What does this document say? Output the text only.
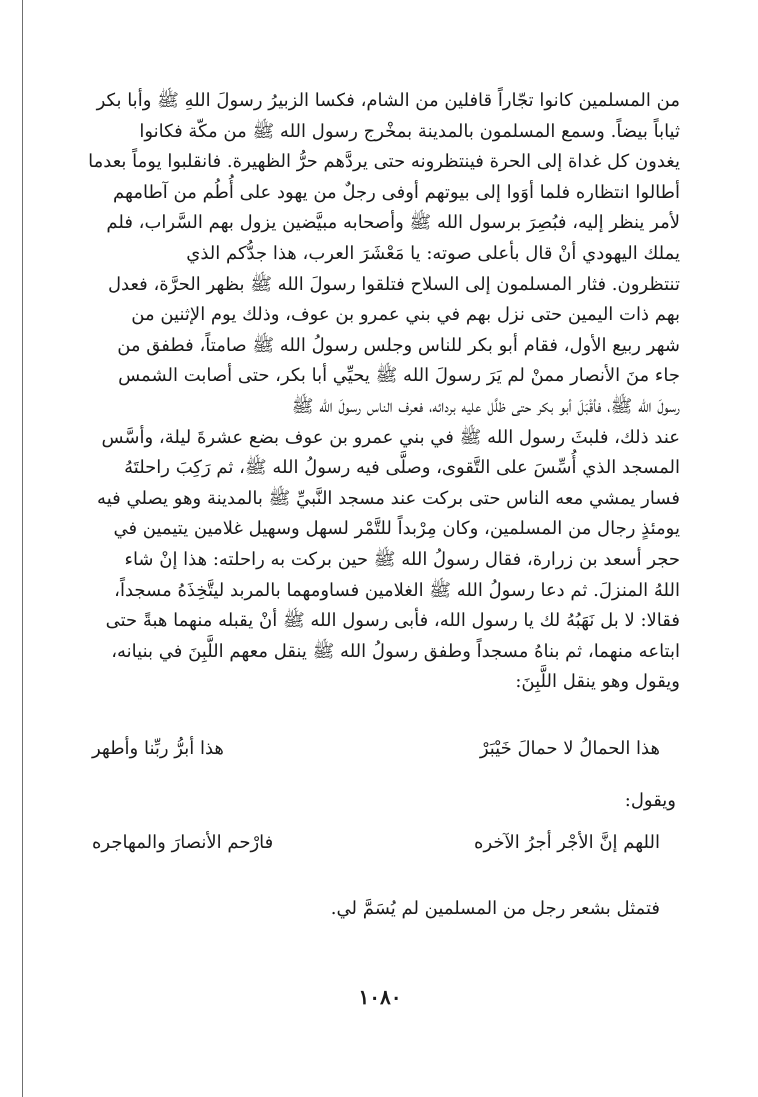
من المسلمين كانوا تجّاراً قافلين من الشام، فكسا الزبيرُ رسولَ اللهِ ﷺ وأبا بكر

ثياباً بيضاً. وسمع المسلمون بالمدينة بمخْرج رسول الله ﷺ من مكّة فكانوا

يغدون كل غداة إلى الحرة فينتظرونه حتى يردَّهم حرُّ الظهيرة. فانقلبوا يوماً بعدما

أطالوا انتظاره فلما أوَوا إلى بيوتهم أوفى رجلٌ من يهود على أُطُم من آطامهم

لأمر ينظر إليه، فبُصِرَ برسول الله ﷺ وأصحابه مبيَّضين يزول بهم السَّراب، فلم

يملك اليهودي أنْ قال بأعلى صوته: يا مَعْشَرَ العرب، هذا جدُّكم الذي

تنتظرون. فثار المسلمون إلى السلاح فتلقوا رسولَ الله ﷺ بظهر الحرَّة، فعدل

بهم ذات اليمين حتى نزل بهم في بني عمرو بن عوف، وذلك يوم الإثنين من

شهر ربيع الأول، فقام أبو بكر للناس وجلس رسولُ الله ﷺ صامتاً، فطفق من

جاء منَ الأنصار ممنْ لم يَرَ رسولَ الله ﷺ يحيِّي أبا بكر، حتى أصابت الشمس

رسولَ الله ﷺ، فأقْبَلَ أبو بكر حتى ظلَّل عليه بردائه، فعرف الناس رسولَ الله ﷺ

عند ذلك، فلبثَ رسول الله ﷺ في بني عمرو بن عوف بضع عشرةَ ليلة، وأسَّس

المسجد الذي أُسِّسَ على التَّقوى، وصلَّى فيه رسولُ الله ﷺ، ثم رَكِبَ راحلتَهُ

فسار يمشي معه الناس حتى بركت عند مسجد النَّبيِّ ﷺ بالمدينة وهو يصلي فيه

يومئذٍ رجال من المسلمين، وكان مِرْبداً للتَّمْر لسهل وسهيل غلامين يتيمين في

حجر أسعد بن زرارة، فقال رسولُ الله ﷺ حين بركت به راحلته: هذا إنْ شاء

اللهُ المنزلَ. ثم دعا رسولُ الله ﷺ الغلامين فساومهما بالمربد ليتَّخِذَهُ مسجداً،

فقالا: لا بل نَهَبُهُ لك يا رسول الله، فأبى رسول الله ﷺ أنْ يقبله منهما هبةً حتى

ابتاعه منهما، ثم بناهُ مسجداً وطفق رسولُ الله ﷺ ينقل معهم اللَّبِنَ في بنيانه،

ويقول وهو ينقل اللَّبِنَ:

هذا الحمالُ لا حمالَ خَيْبَرْ
هذا أبرُّ ربِّنا وأطهر
ويقول:
اللهم إنَّ الأجْر أجرُ الآخره
فارْحم الأنصارَ والمهاجره
فتمثل بشعر رجل من المسلمين لم يُسَمَّ لي.
١٠٨٠
